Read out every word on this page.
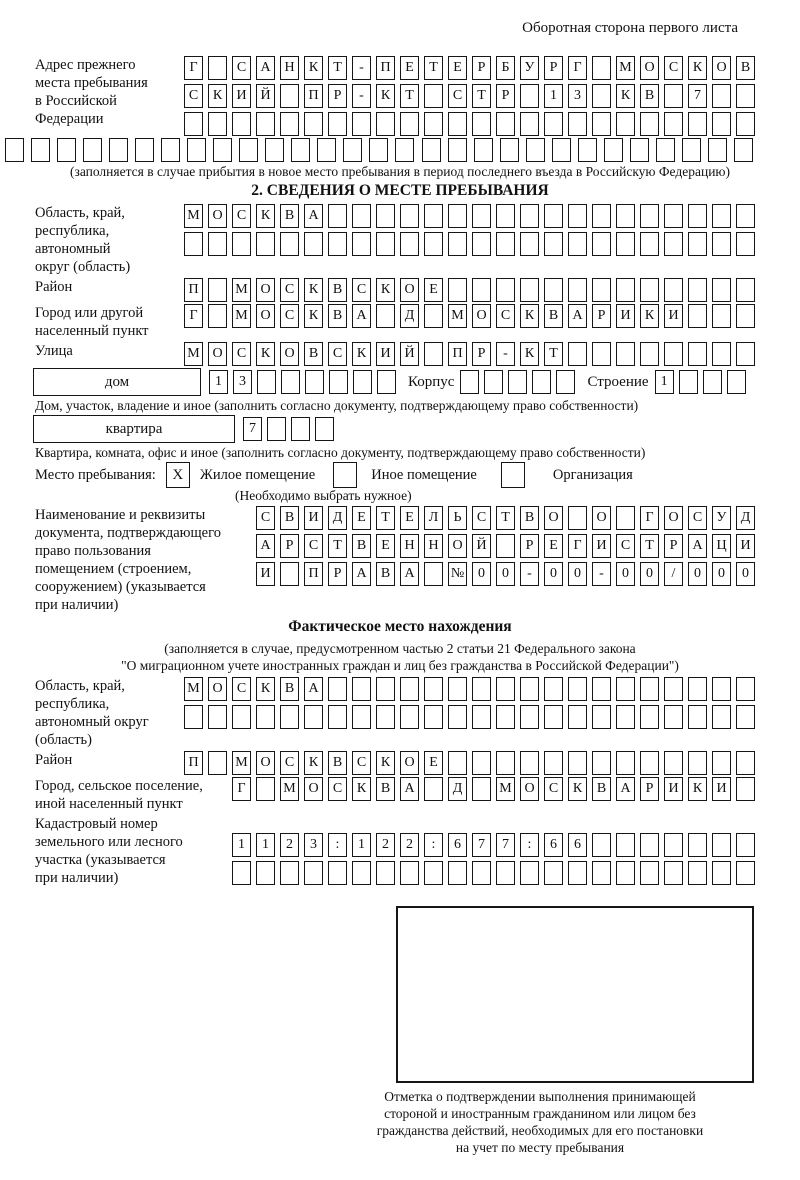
Оборотная сторона первого листа
Адрес прежнего
места пребывания
в Российской
Федерации
Г	С	А Н	К	Т	-	П	Е	Т	Е	Р	Б	У	Р	Г	М О	С	К	О	В
С	К	И Й	П	Р	-	К	Т	С	Т	Р	1	3	К	В	7
(заполняется в случае прибытия в новое место пребывания в период последнего въезда в Российскую Федерацию)
2. СВЕДЕНИЯ О МЕСТЕ ПРЕБЫВАНИЯ
Область, край,
республика,
автономный
округ (область)
М О	С	К	В	А
Район	П	М О	С	К	В	С	К	О	Е
Город или другой
населенный пункт
Г	М О	С	К	В	А	Д	М О	С	К	В	А	Р	И	К	И
Улица	М О	С	К	О	В	С	К	И Й	П	Р	-	К	Т
дом	1	3	Корпус	Строение 1
Дом, участок, владение и иное (заполнить согласно документу, подтверждающему право собственности)
квартира	7
Квартира, комната, офис и иное (заполнить согласно документу, подтверждающему право собственности)
Место пребывания:	X	Жилое помещение	Иное помещение	Организация
(Необходимо выбрать нужное)
Наименование и реквизиты
документа, подтверждающего
право пользования
помещением (строением,
сооружением) (указывается
при наличии)
С	В	И	Д	Е	Т	Е	Л	Ь	С	Т	В	О	О	Г	О	С	У	Д
А	Р	С	Т	В	Е	Н Н О Й	Р	Е	Г	И	С	Т	Р	А Ц И
И	П	Р	А	В	А	№ 0	0	-	0	0	-	0	0	/	0	0	0
Фактическое место нахождения
(заполняется в случае, предусмотренном частью 2 статьи 21 Федерального закона
"О миграционном учете иностранных граждан и лиц без гражданства в Российской Федерации")
Область, край,
республика,
автономный округ
(область)
М О	С	К	В	А
Район	П	М О	С	К	В	С	К	О	Е
Город, сельское поселение,
иной населенный пункт
Г	М О	С	К	В	А	Д	М О	С	К	В	А	Р	И	К	И
Кадастровый номер
земельного или лесного
участка (указывается
при наличии)
1	1	2	3	:	1	2	2	:	6	7	7	:	6	6
Отметка о подтверждении выполнения принимающей
стороной и иностранным гражданином или лицом без
гражданства действий, необходимых для его постановки
на учет по месту пребывания
